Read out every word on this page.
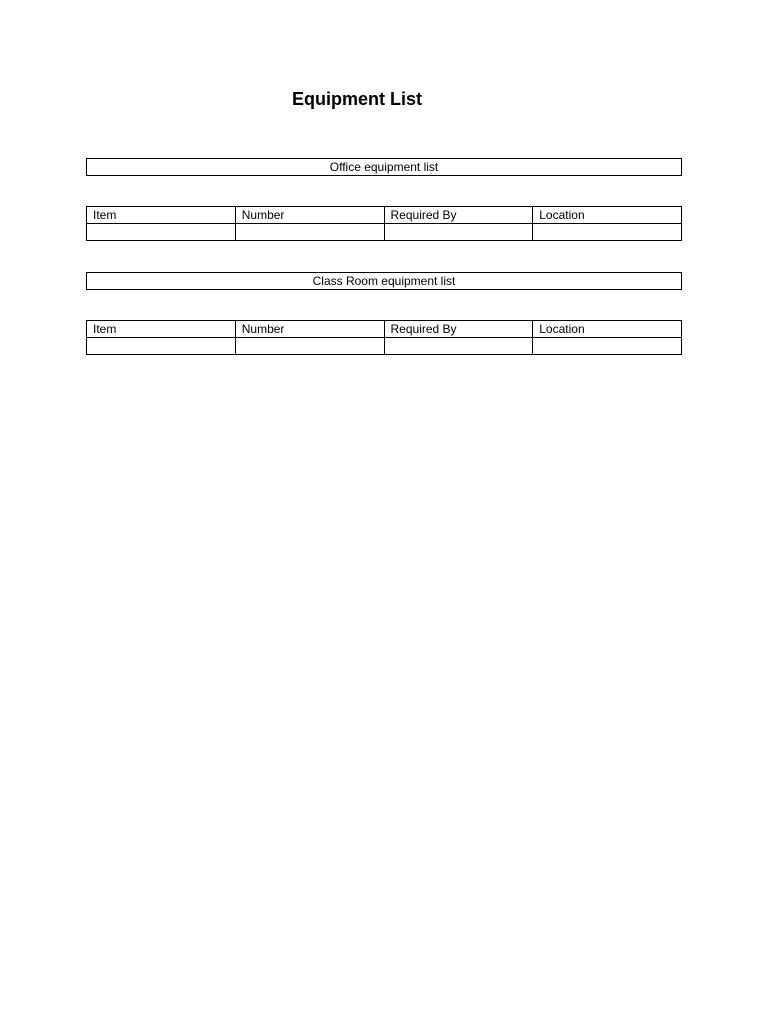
Equipment List
Office equipment list
Item	Number	Required By	Location

Class Room equipment list
Item	Number	Required By	Location
